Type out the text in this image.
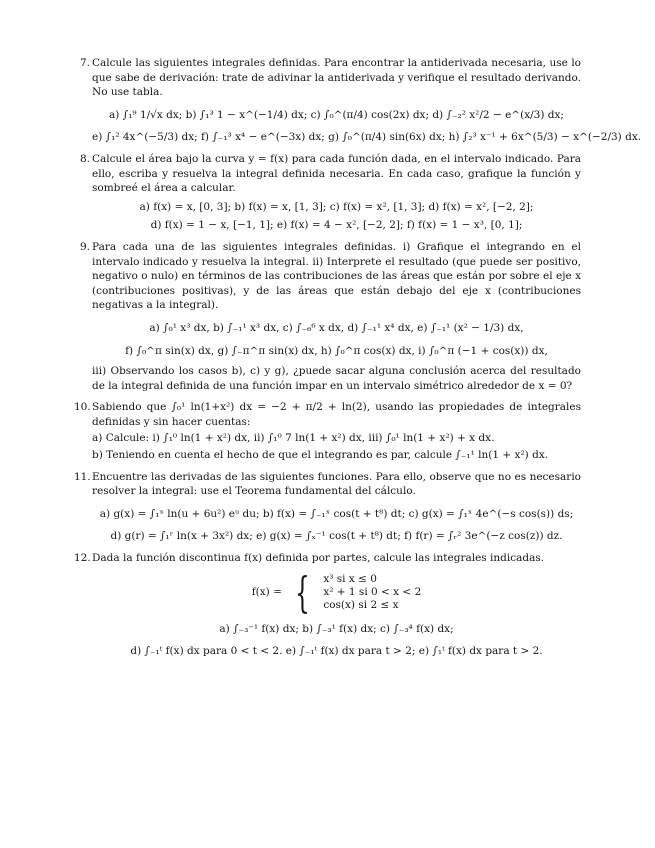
7. Calcule las siguientes integrales definidas. Para encontrar la antiderivada necesaria, use lo que sabe de derivación: trate de adivinar la antiderivada y verifique el resultado derivando. No use tabla.
a) ∫₁⁹ 1/√x dx; b) ∫₁³ 1 − x^(−1/4) dx; c) ∫₀^(π/4) cos(2x) dx; d) ∫₋₂² x²/2 − e^(x/3) dx;
e) ∫₁² 4x^(−5/3) dx; f) ∫₋₁³ x⁴ − e^(−3x) dx; g) ∫₀^(π/4) sin(6x) dx; h) ∫₂³ x⁻¹ + 6x^(5/3) − x^(−2/3) dx.
8. Calcule el área bajo la curva y = f(x) para cada función dada, en el intervalo indicado. Para ello, escriba y resuelva la integral definida necesaria. En cada caso, grafique la función y sombreé el área a calcular.
a) f(x) = x, [0, 3]; b) f(x) = x, [1, 3]; c) f(x) = x², [1, 3]; d) f(x) = x², [−2, 2];
d) f(x) = 1 − x, [−1, 1]; e) f(x) = 4 − x², [−2, 2]; f) f(x) = 1 − x³, [0, 1];
9. Para cada una de las siguientes integrales definidas. i) Grafique el integrando en el intervalo indicado y resuelva la integral. ii) Interprete el resultado (que puede ser positivo, negativo o nulo) en términos de las contribuciones de las áreas que están por sobre el eje x (contribuciones positivas), y de las áreas que están debajo del eje x (contribuciones negativas a la integral).
a) ∫₀¹ x³ dx, b) ∫₋₁¹ x³ dx, c) ∫₋₆⁶ x dx, d) ∫₋₁¹ x⁴ dx, e) ∫₋₁¹ (x² − 1/3) dx,
f) ∫₀^π sin(x) dx, g) ∫₋π^π sin(x) dx, h) ∫₀^π cos(x) dx, i) ∫₀^π (−1 + cos(x)) dx,
iii) Observando los casos b), c) y g), ¿puede sacar alguna conclusión acerca del resultado de la integral definida de una función impar en un intervalo simétrico alrededor de x = 0?
10. Sabiendo que ∫₀¹ ln(1+x²) dx = −2 + π/2 + ln(2), usando las propiedades de integrales definidas y sin hacer cuentas:
a) Calcule: i) ∫₁⁰ ln(1 + x²) dx, ii) ∫₁⁰ 7 ln(1 + x²) dx, iii) ∫₀¹ ln(1 + x²) + x dx.
b) Teniendo en cuenta el hecho de que el integrando es par, calcule ∫₋₁¹ ln(1 + x²) dx.
11. Encuentre las derivadas de las siguientes funciones. Para ello, observe que no es necesario resolver la integral: use el Teorema fundamental del cálculo.
a) g(x) = ∫₁ˣ ln(u + 6u²) eᵘ du; b) f(x) = ∫₋₁ˣ cos(t + t⁸) dt; c) g(x) = ∫₁ˣ 4e^(−s cos(s)) ds;
d) g(r) = ∫₁ʳ ln(x + 3x²) dx; e) g(x) = ∫ₓ⁻¹ cos(t + t⁸) dt; f) f(r) = ∫ᵣ² 3e^(−z cos(z)) dz.
12. Dada la función discontinua f(x) definida por partes, calcule las integrales indicadas.
f(x) = { x³ si x ≤ 0
x² + 1 si 0 < x < 2
cos(x) si 2 ≤ x
a) ∫₋₃⁻¹ f(x) dx; b) ∫₋₃¹ f(x) dx; c) ∫₋₃⁴ f(x) dx;
d) ∫₋₁ᵗ f(x) dx para 0 < t < 2. e) ∫₋₁ᵗ f(x) dx para t > 2; e) ∫₁ᵗ f(x) dx para t > 2.
